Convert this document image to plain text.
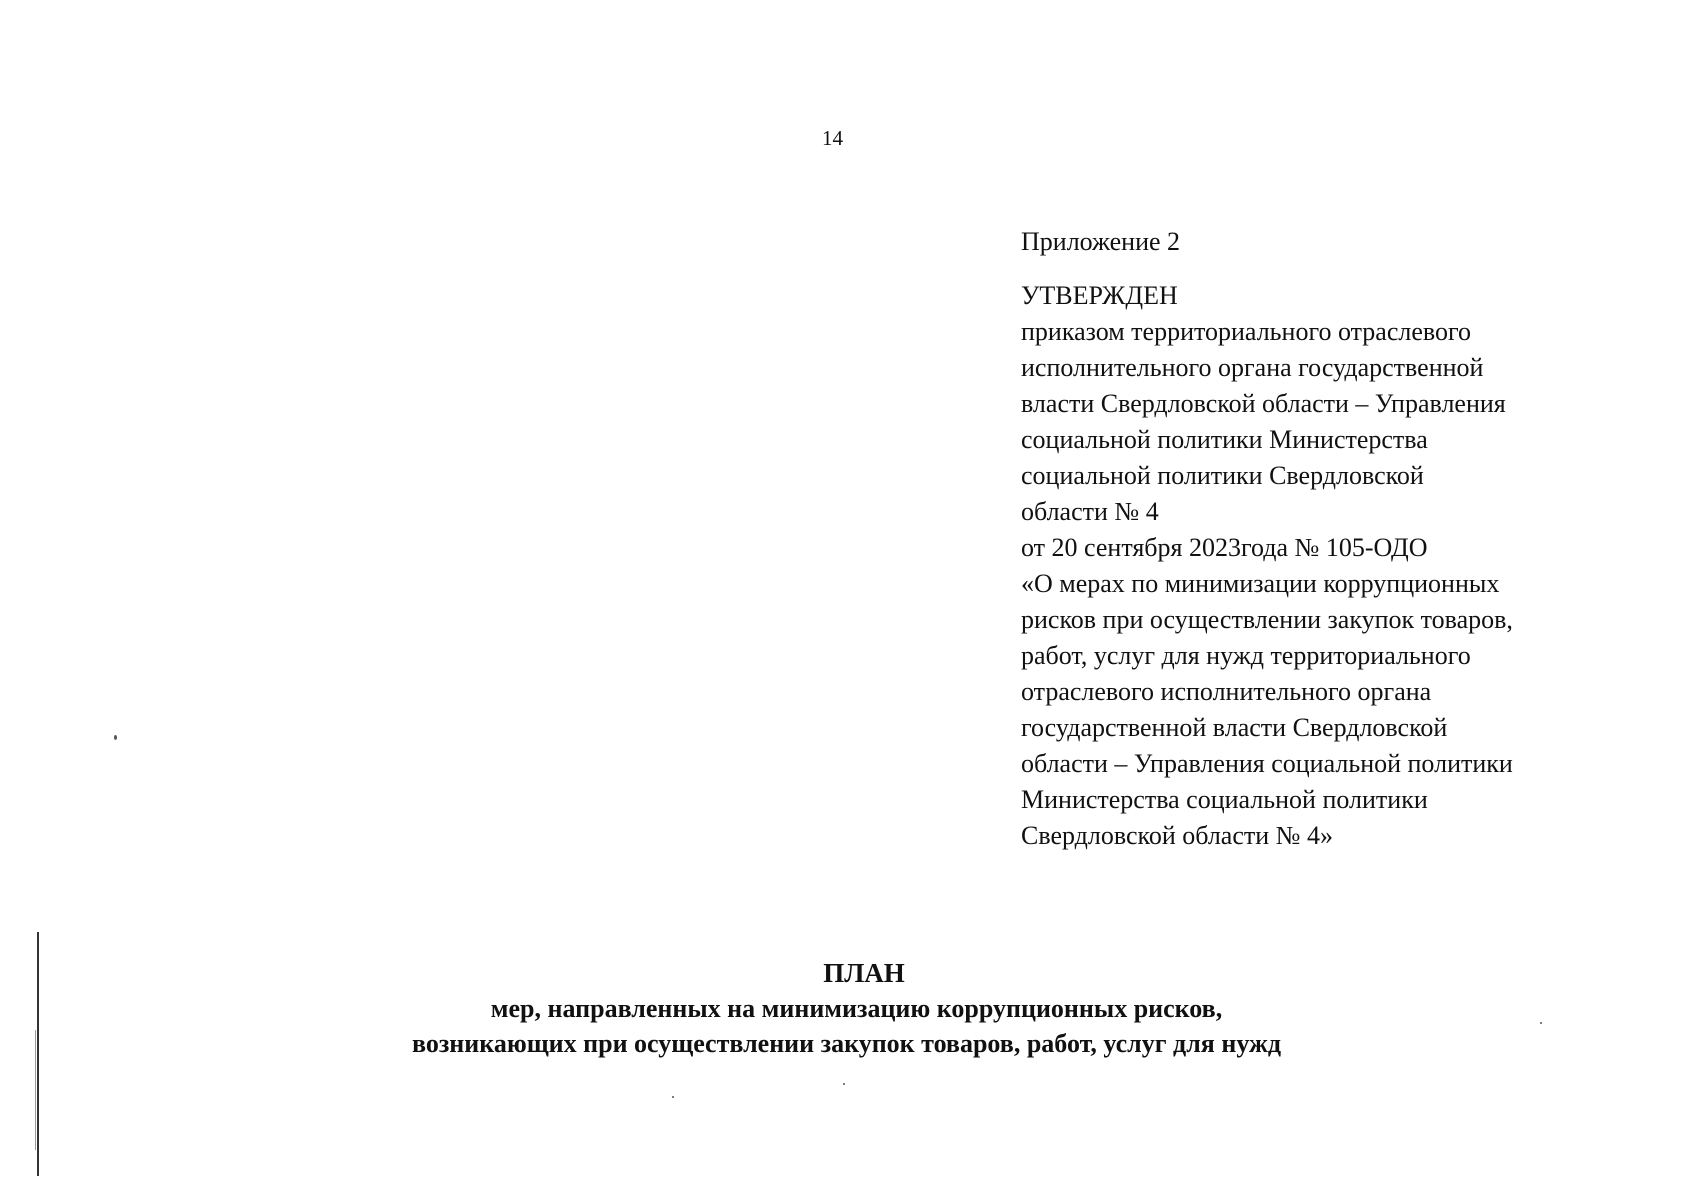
14

Приложение 2

УТВЕРЖДЕН

приказом территориального отраслевого
исполнительного органа государственной
власти Свердловской области – Управления
социальной политики Министерства
социальной политики Свердловской
области № 4
от 20 сентября 2023года № 105-ОДО
«О мерах по минимизации коррупционных
рисков при осуществлении закупок товаров,
работ, услуг для нужд территориального
отраслевого исполнительного органа
государственной власти Свердловской
области – Управления социальной политики
Министерства социальной политики
Свердловской области № 4»
ПЛАН
мер, направленных на минимизацию коррупционных рисков,
возникающих при осуществлении закупок товаров, работ, услуг для нужд
